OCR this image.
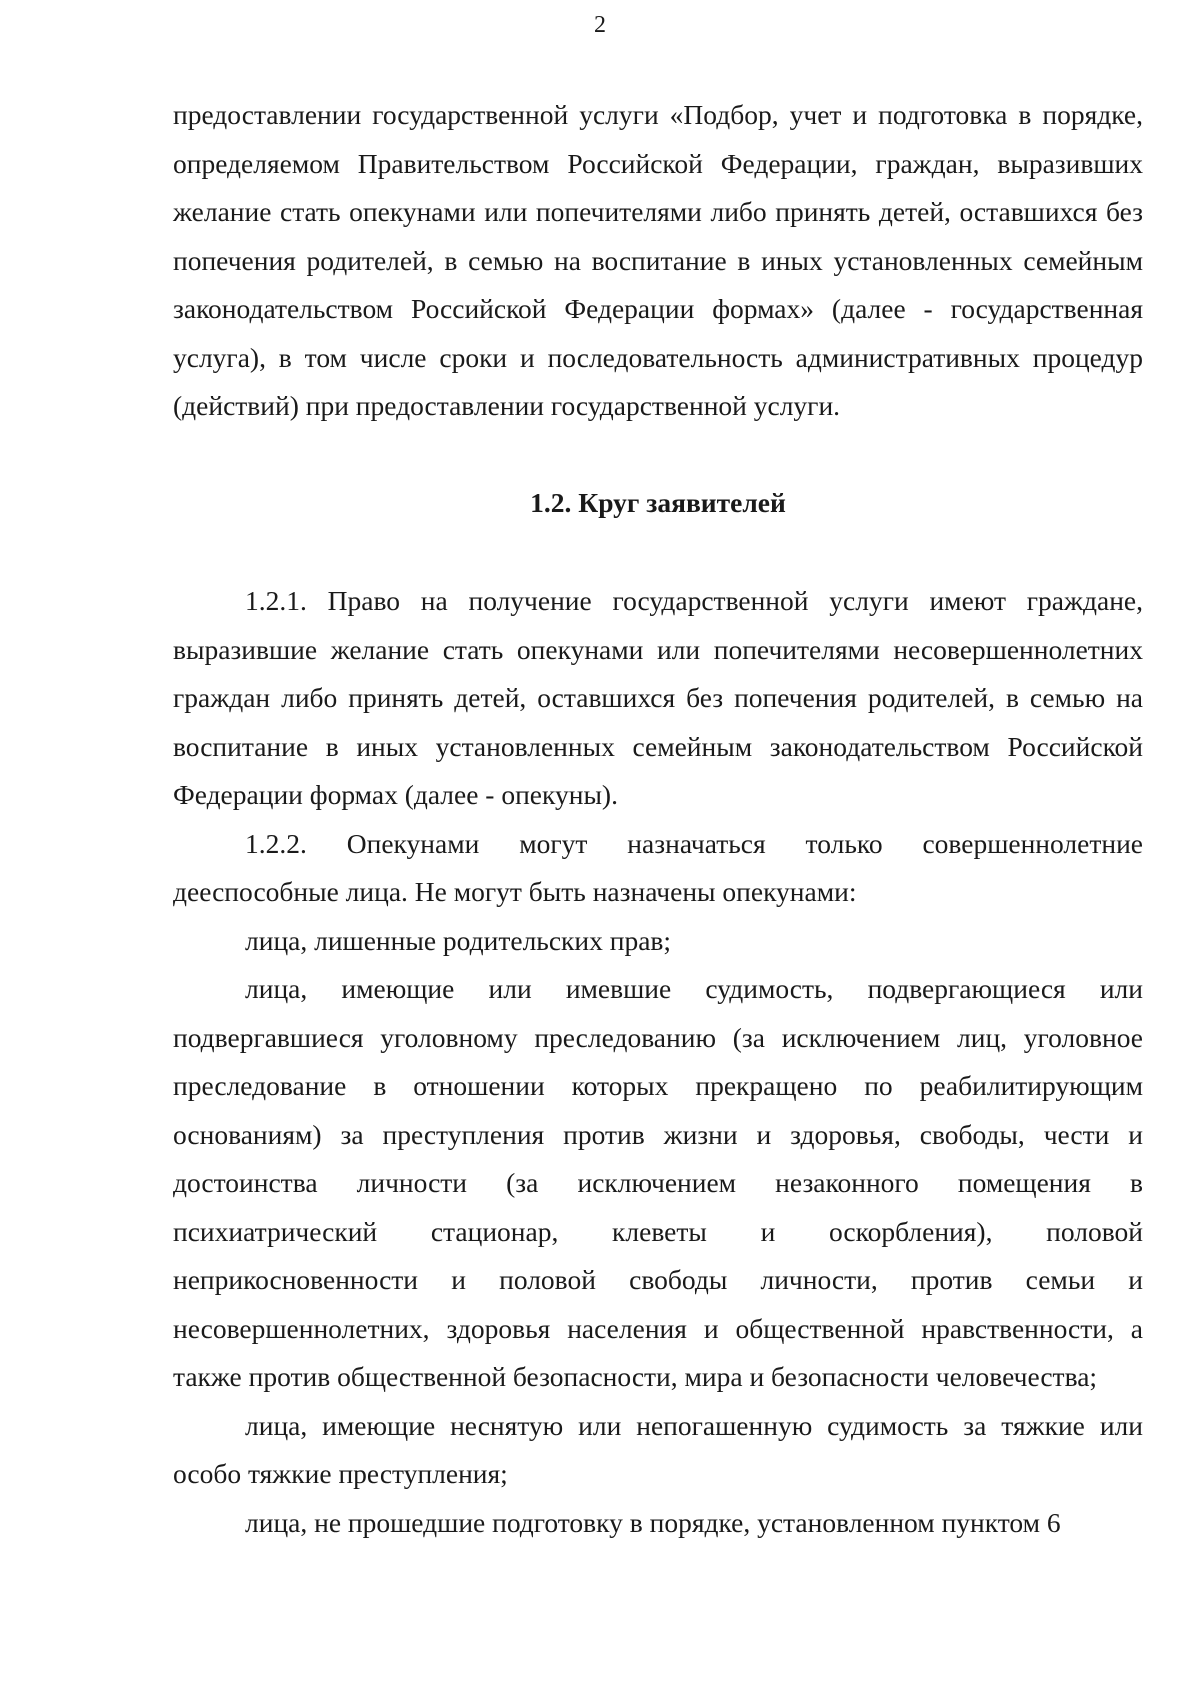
2

предоставлении государственной услуги «Подбор, учет и подготовка в порядке, определяемом Правительством Российской Федерации, граждан, выразивших желание стать опекунами или попечителями либо принять детей, оставшихся без попечения родителей, в семью на воспитание в иных установленных семейным законодательством Российской Федерации формах» (далее - государственная услуга), в том числе сроки и последовательность административных процедур (действий) при предоставлении государственной услуги.

1.2. Круг заявителей

1.2.1. Право на получение государственной услуги имеют граждане, выразившие желание стать опекунами или попечителями несовершеннолетних граждан либо принять детей, оставшихся без попечения родителей, в семью на воспитание в иных установленных семейным законодательством Российской Федерации формах (далее - опекуны).

1.2.2. Опекунами могут назначаться только совершеннолетние дееспособные лица. Не могут быть назначены опекунами:

лица, лишенные родительских прав;

лица, имеющие или имевшие судимость, подвергающиеся или подвергавшиеся уголовному преследованию (за исключением лиц, уголовное преследование в отношении которых прекращено по реабилитирующим основаниям) за преступления против жизни и здоровья, свободы, чести и достоинства личности (за исключением незаконного помещения в психиатрический стационар, клеветы и оскорбления), половой неприкосновенности и половой свободы личности, против семьи и несовершеннолетних, здоровья населения и общественной нравственности, а также против общественной безопасности, мира и безопасности человечества;

лица, имеющие неснятую или непогашенную судимость за тяжкие или особо тяжкие преступления;

лица, не прошедшие подготовку в порядке, установленном пунктом 6
